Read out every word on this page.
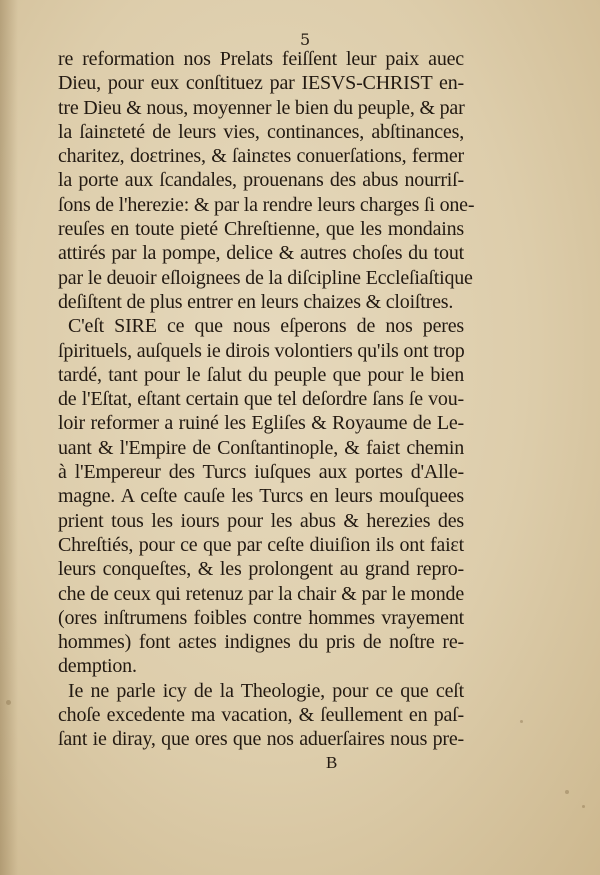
5
re reformation nos Prelats feiſſent leur paix auec
Dieu, pour eux conſtituez par IESVS-CHRIST en-
tre Dieu & nous, moyenner le bien du peuple, & par
la ſainɛteté de leurs vies, continances, abſtinances,
charitez, doɛtrines, & ſainɛtes conuerſations, fermer
la porte aux ſcandales, prouenans des abus nourriſ-
ſons de l'herezie: & par la rendre leurs charges ſi one-
reuſes en toute pieté Chreſtienne, que les mondains
attirés par la pompe, delice & autres choſes du tout
par le deuoir eſloignees de la diſcipline Eccleſiaſtique
deſiſtent de plus entrer en leurs chaizes & cloiſtres.
C'eſt SIRE ce que nous eſperons de nos peres
ſpirituels, auſquels ie dirois volontiers qu'ils ont trop
tardé, tant pour le ſalut du peuple que pour le bien
de l'Eſtat, eſtant certain que tel deſordre ſans ſe vou-
loir reformer a ruiné les Egliſes & Royaume de Le-
uant & l'Empire de Conſtantinople, & faiɛt chemin
à l'Empereur des Turcs iuſques aux portes d'Alle-
magne. A ceſte cauſe les Turcs en leurs mouſquees
prient tous les iours pour les abus & herezies des
Chreſtiés, pour ce que par ceſte diuiſion ils ont faiɛt
leurs conqueſtes, & les prolongent au grand repro-
che de ceux qui retenuz par la chair & par le monde
(ores inſtrumens foibles contre hommes vrayement
hommes) font aɛtes indignes du pris de noſtre re-
demption.
Ie ne parle icy de la Theologie, pour ce que ceſt
choſe excedente ma vacation, & ſeullement en paſ-
ſant ie diray, que ores que nos aduerſaires nous pre-
B
